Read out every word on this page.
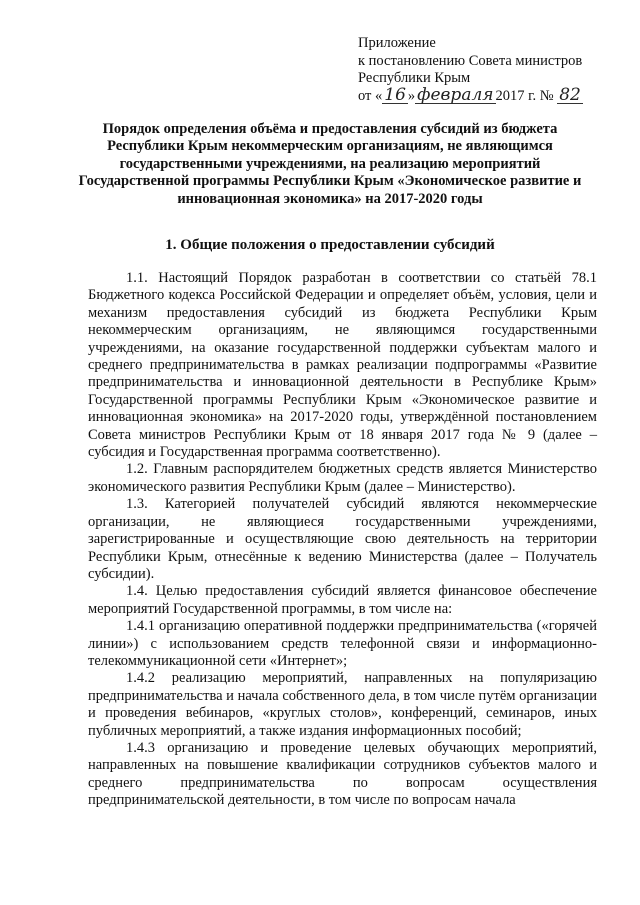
Приложение
к постановлению Совета министров
Республики Крым
от « 16 » февраля 2017 г. № 82
Порядок определения объёма и предоставления субсидий из бюджета Республики Крым некоммерческим организациям, не являющимся государственными учреждениями, на реализацию мероприятий Государственной программы Республики Крым «Экономическое развитие и инновационная экономика» на 2017-2020 годы
1. Общие положения о предоставлении субсидий

1.1. Настоящий Порядок разработан в соответствии со статьёй 78.1 Бюджетного кодекса Российской Федерации и определяет объём, условия, цели и механизм предоставления субсидий из бюджета Республики Крым некоммерческим организациям, не являющимся государственными учреждениями, на оказание государственной поддержки субъектам малого и среднего предпринимательства в рамках реализации подпрограммы «Развитие предпринимательства и инновационной деятельности в Республике Крым» Государственной программы Республики Крым «Экономическое развитие и инновационная экономика» на 2017-2020 годы, утверждённой постановлением Совета министров Республики Крым от 18 января 2017 года № 9 (далее – субсидия и Государственная программа соответственно).

1.2. Главным распорядителем бюджетных средств является Министерство экономического развития Республики Крым (далее – Министерство).

1.3. Категорией получателей субсидий являются некоммерческие организации, не являющиеся государственными учреждениями, зарегистрированные и осуществляющие свою деятельность на территории Республики Крым, отнесённые к ведению Министерства (далее – Получатель субсидии).

1.4. Целью предоставления субсидий является финансовое обеспечение мероприятий Государственной программы, в том числе на:

1.4.1 организацию оперативной поддержки предпринимательства («горячей линии») с использованием средств телефонной связи и информационно-телекоммуникационной сети «Интернет»;

1.4.2 реализацию мероприятий, направленных на популяризацию предпринимательства и начала собственного дела, в том числе путём организации и проведения вебинаров, «круглых столов», конференций, семинаров, иных публичных мероприятий, а также издания информационных пособий;

1.4.3 организацию и проведение целевых обучающих мероприятий, направленных на повышение квалификации сотрудников субъектов малого и среднего предпринимательства по вопросам осуществления предпринимательской деятельности, в том числе по вопросам начала
